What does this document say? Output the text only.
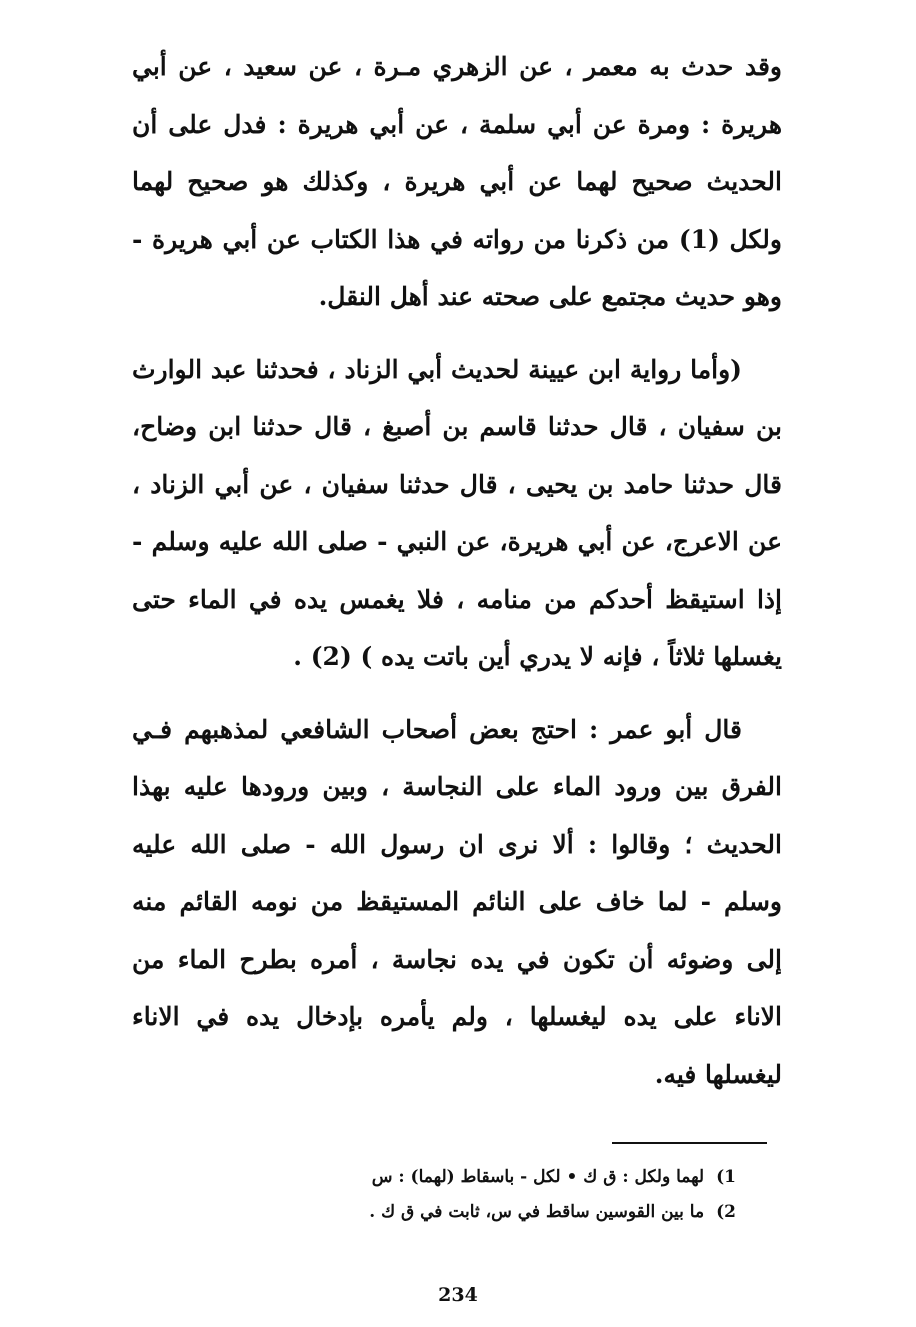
وقد حدث به معمر ، عن الزهري مـرة ، عن سعيد ، عن أبي هريرة : ومرة عن أبي سلمة ، عن أبي هريرة : فدل على أن الحديث صحيح لهما عن أبي هريرة ، وكذلك هو صحيح لهما ولكل (1) من ذكرنا من رواته في هذا الكتاب عن أبي هريرة - وهو حديث مجتمع على صحته عند أهل النقل.

(وأما رواية ابن عيينة لحديث أبي الزناد ، فحدثنا عبد الوارث بن سفيان ، قال حدثنا قاسم بن أصبغ ، قال حدثنا ابن وضاح، قال حدثنا حامد بن يحيى ، قال حدثنا سفيان ، عن أبي الزناد ، عن الاعرج، عن أبي هريرة، عن النبي - صلى الله عليه وسلم - إذا استيقظ أحدكم من منامه ، فلا يغمس يده في الماء حتى يغسلها ثلاثاً ، فإنه لا يدري أين باتت يده ) (2) .

قال أبو عمر : احتج بعض أصحاب الشافعي لمذهبهم فـي الفرق بين ورود الماء على النجاسة ، وبين ورودها عليه بهذا الحديث ؛ وقالوا : ألا نرى ان رسول الله - صلى الله عليه وسلم - لما خاف على النائم المستيقظ من نومه القائم منه إلى وضوئه أن تكون في يده نجاسة ، أمره بطرح الماء من الاناء على يده ليغسلها ، ولم يأمره بإدخال يده في الاناء ليغسلها فيه.

1)لهما ولكل : ق ك • لكل - باسقاط (لهما) : س

2)ما بين القوسين ساقط في س، ثابت في ق ك .

234
